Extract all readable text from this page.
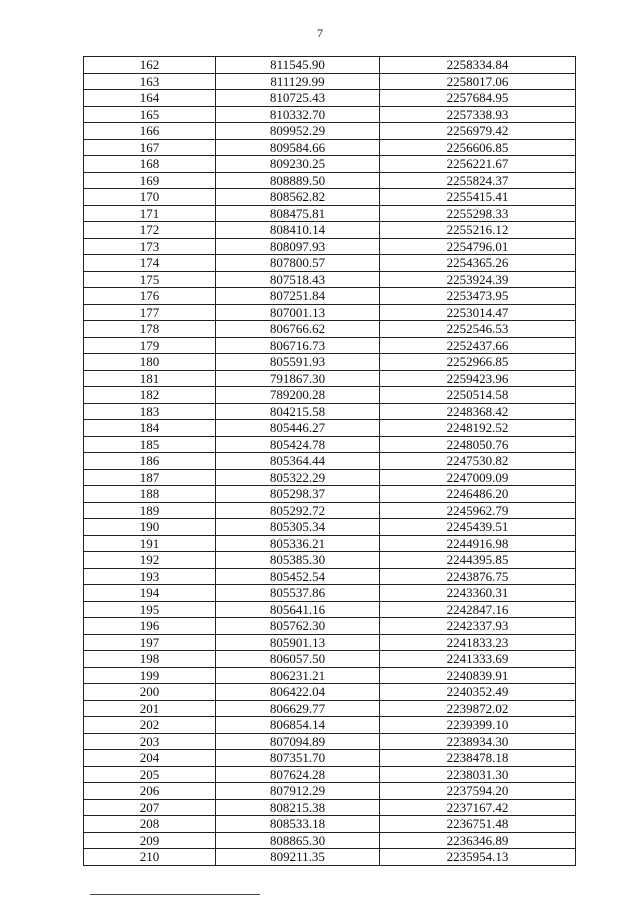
7
162	811545.90	2258334.84
163	811129.99	2258017.06
164	810725.43	2257684.95
165	810332.70	2257338.93
166	809952.29	2256979.42
167	809584.66	2256606.85
168	809230.25	2256221.67
169	808889.50	2255824.37
170	808562.82	2255415.41
171	808475.81	2255298.33
172	808410.14	2255216.12
173	808097.93	2254796.01
174	807800.57	2254365.26
175	807518.43	2253924.39
176	807251.84	2253473.95
177	807001.13	2253014.47
178	806766.62	2252546.53
179	806716.73	2252437.66
180	805591.93	2252966.85
181	791867.30	2259423.96
182	789200.28	2250514.58
183	804215.58	2248368.42
184	805446.27	2248192.52
185	805424.78	2248050.76
186	805364.44	2247530.82
187	805322.29	2247009.09
188	805298.37	2246486.20
189	805292.72	2245962.79
190	805305.34	2245439.51
191	805336.21	2244916.98
192	805385.30	2244395.85
193	805452.54	2243876.75
194	805537.86	2243360.31
195	805641.16	2242847.16
196	805762.30	2242337.93
197	805901.13	2241833.23
198	806057.50	2241333.69
199	806231.21	2240839.91
200	806422.04	2240352.49
201	806629.77	2239872.02
202	806854.14	2239399.10
203	807094.89	2238934.30
204	807351.70	2238478.18
205	807624.28	2238031.30
206	807912.29	2237594.20
207	808215.38	2237167.42
208	808533.18	2236751.48
209	808865.30	2236346.89
210	809211.35	2235954.13
